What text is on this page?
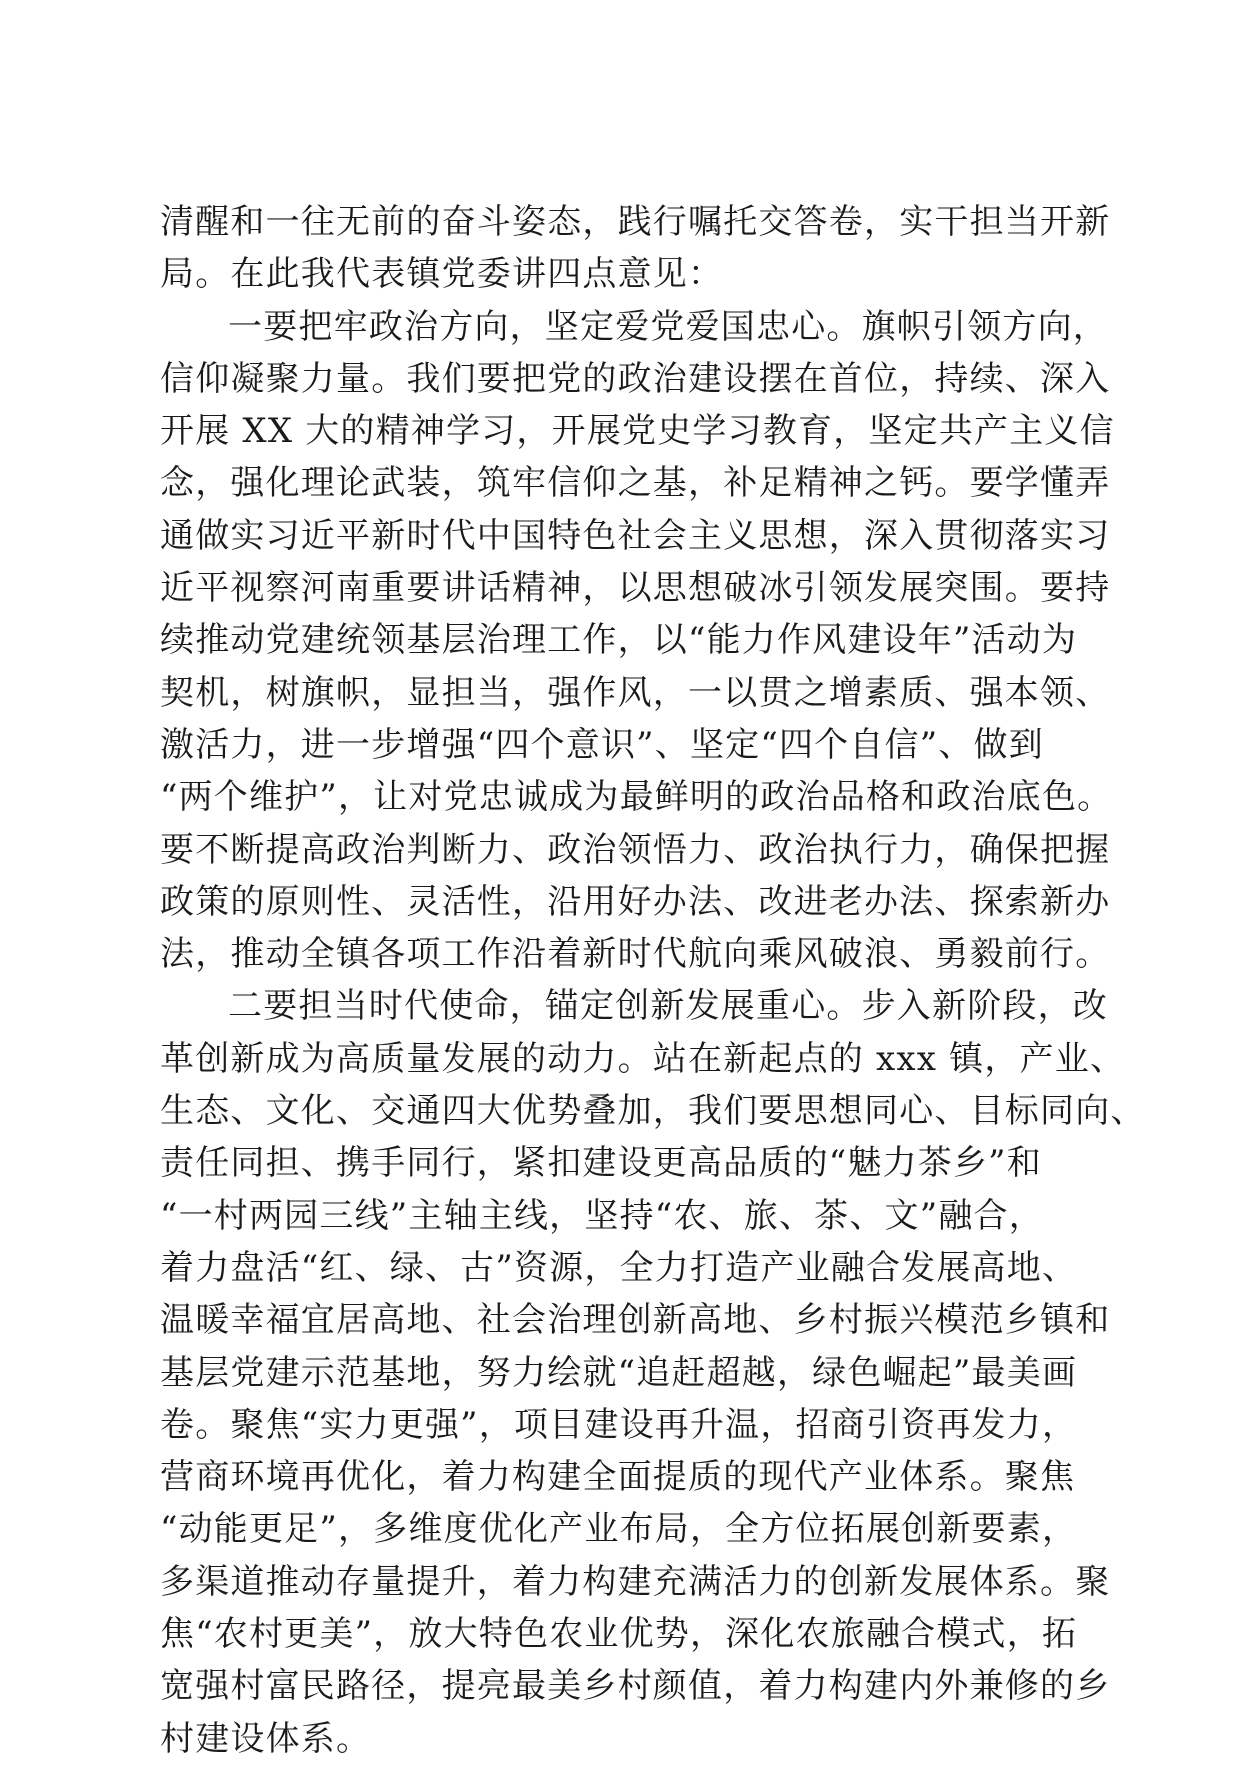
清醒和一往无前的奋斗姿态，践行嘱托交答卷，实干担当开新
局。在此我代表镇党委讲四点意见：
一要把牢政治方向，坚定爱党爱国忠心。旗帜引领方向，
信仰凝聚力量。我们要把党的政治建设摆在首位，持续、深入
开展 XX 大的精神学习，开展党史学习教育，坚定共产主义信
念，强化理论武装，筑牢信仰之基，补足精神之钙。要学懂弄
通做实习近平新时代中国特色社会主义思想，深入贯彻落实习
近平视察河南重要讲话精神，以思想破冰引领发展突围。要持
续推动党建统领基层治理工作，以“能力作风建设年”活动为
契机，树旗帜，显担当，强作风，一以贯之增素质、强本领、
激活力，进一步增强“四个意识”、坚定“四个自信”、做到
“两个维护”，让对党忠诚成为最鲜明的政治品格和政治底色。
要不断提高政治判断力、政治领悟力、政治执行力，确保把握
政策的原则性、灵活性，沿用好办法、改进老办法、探索新办
法，推动全镇各项工作沿着新时代航向乘风破浪、勇毅前行。
二要担当时代使命，锚定创新发展重心。步入新阶段，改
革创新成为高质量发展的动力。站在新起点的 xxx 镇，产业、
生态、文化、交通四大优势叠加，我们要思想同心、目标同向、
责任同担、携手同行，紧扣建设更高品质的“魅力茶乡”和
“一村两园三线”主轴主线，坚持“农、旅、茶、文”融合，
着力盘活“红、绿、古”资源，全力打造产业融合发展高地、
温暖幸福宜居高地、社会治理创新高地、乡村振兴模范乡镇和
基层党建示范基地，努力绘就“追赶超越，绿色崛起”最美画
卷。聚焦“实力更强”，项目建设再升温，招商引资再发力，
营商环境再优化，着力构建全面提质的现代产业体系。聚焦
“动能更足”，多维度优化产业布局，全方位拓展创新要素，
多渠道推动存量提升，着力构建充满活力的创新发展体系。聚
焦“农村更美”，放大特色农业优势，深化农旅融合模式，拓
宽强村富民路径，提亮最美乡村颜值，着力构建内外兼修的乡
村建设体系。
